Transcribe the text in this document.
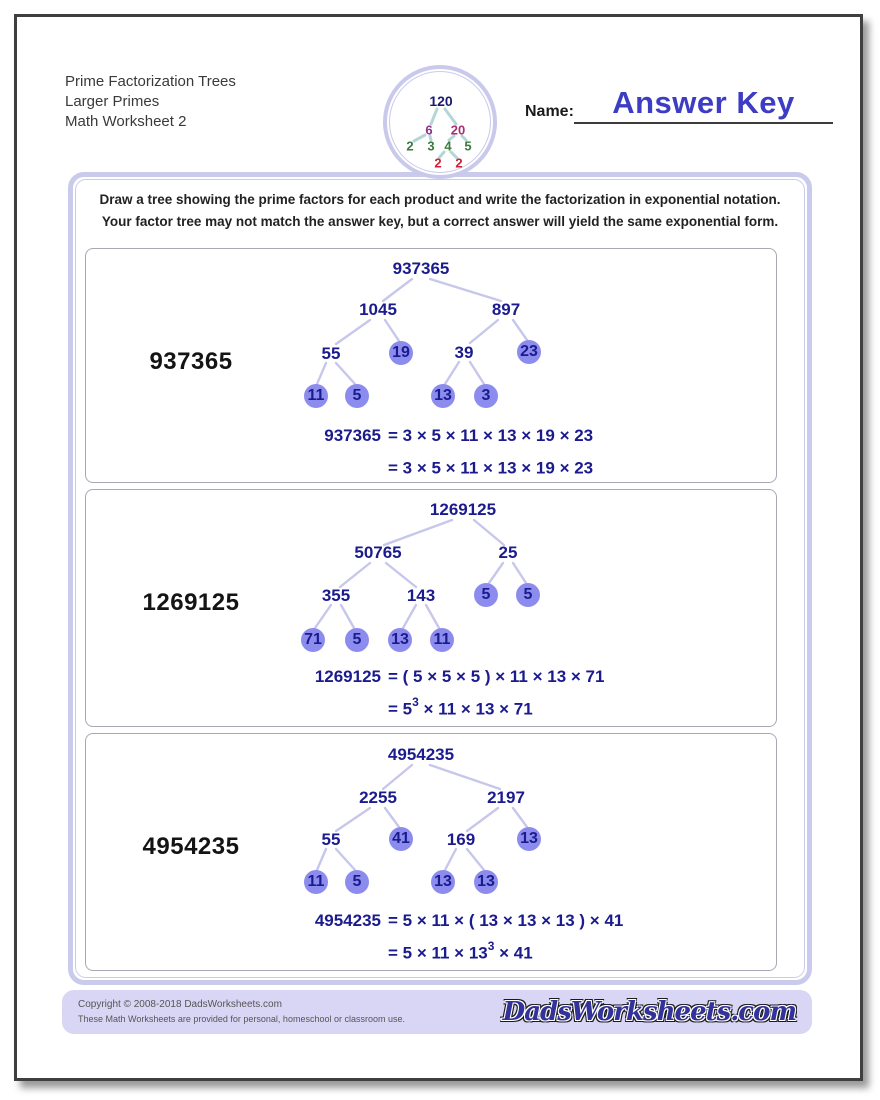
Prime Factorization Trees
Larger Primes
Math Worksheet 2
Name:	Answer Key
120
6 20
2 3 4 5
2 2
Draw a tree showing the prime factors for each product and write the factorization in exponential notation.
Your factor tree may not match the answer key, but a correct answer will yield the same exponential form.
937365
937365
1045	897
55	19	39	23
11	5	13	3
937365 = 3 × 5 × 11 × 13 × 19 × 23
= 3 × 5 × 11 × 13 × 19 × 23
1269125
1269125
50765	25
355	143	5	5
71	5	13 11
1269125 = ( 5 × 5 × 5 ) × 11 × 13 × 71
= $5^3 \times 11 \times 13 \times 71$
4954235
4954235
2255	2197
55	41 169	13
11	5	13 13
4954235 = 5 × 11 × ( 13 × 13 × 13 ) × 41
= $5 \times 11 \times 13^3 \times 41$
Copyright © 2008-2018 DadsWorksheets.com
These Math Worksheets are provided for personal, homeschool or classroom use.	DadsWorksheets.com
